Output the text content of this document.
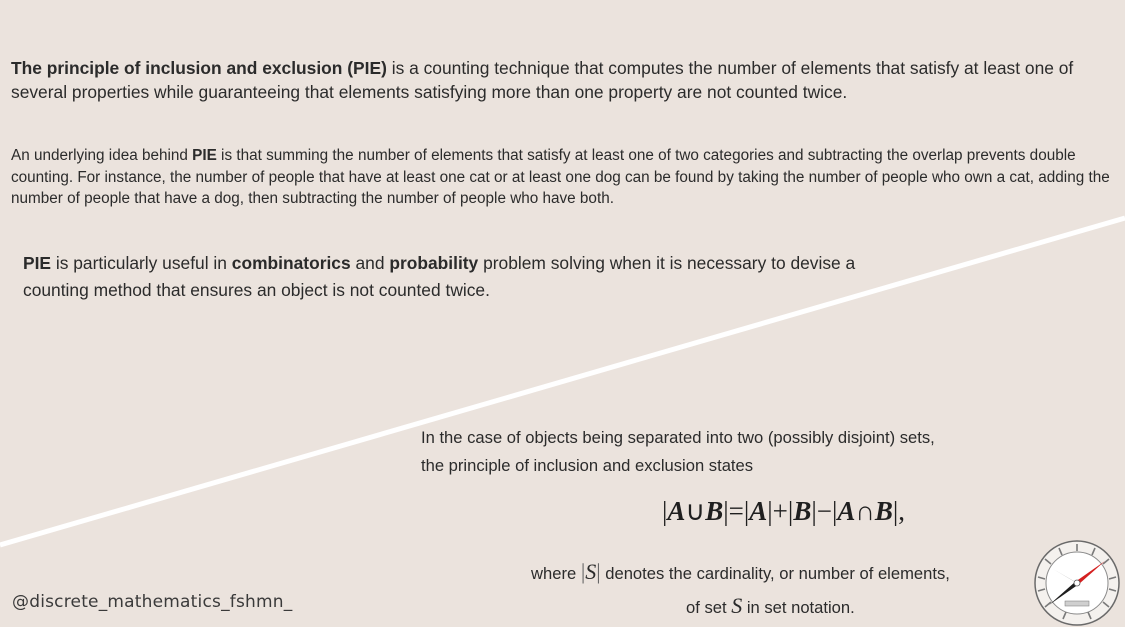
The principle of inclusion and exclusion (PIE) is a counting technique that computes the number of elements that satisfy at least one of several properties while guaranteeing that elements satisfying more than one property are not counted twice.

An underlying idea behind PIE is that summing the number of elements that satisfy at least one of two categories and subtracting the overlap prevents double counting. For instance, the number of people that have at least one cat or at least one dog can be found by taking the number of people who own a cat, adding the number of people that have a dog, then subtracting the number of people who have both.

PIE is particularly useful in combinatorics and probability problem solving when it is necessary to devise a counting method that ensures an object is not counted twice.

In the case of objects being separated into two (possibly disjoint) sets,
the principle of inclusion and exclusion states

|A∪B|=|A|+|B|−|A∩B|,
where |S| denotes the cardinality, or number of elements,
of set S in set notation.
@discrete_mathematics_fshmn_
